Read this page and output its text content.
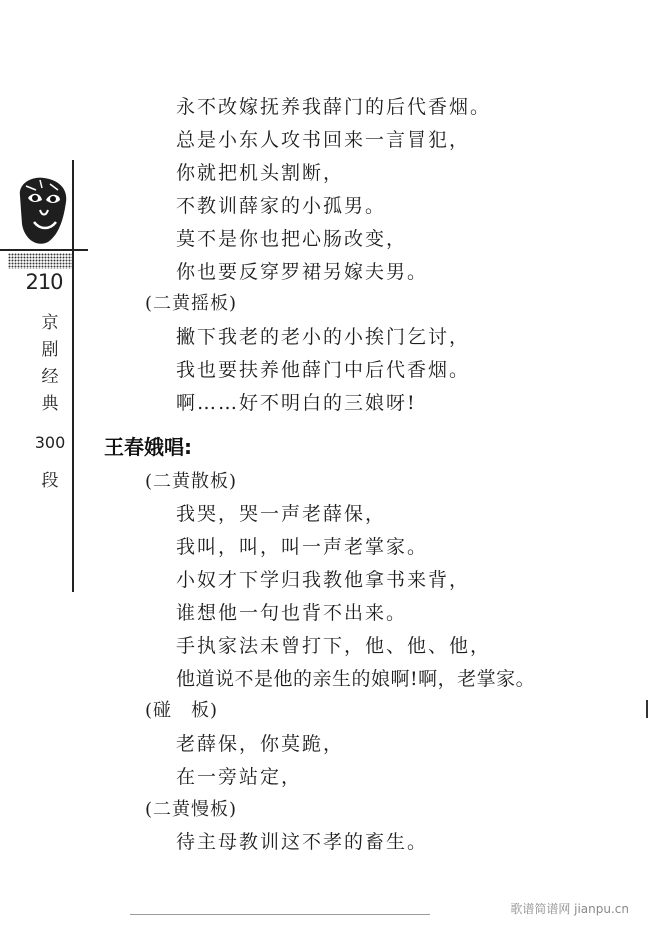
210
京
剧
经
典
300
段
永不改嫁抚养我薛门的后代香烟。
总是小东人攻书回来一言冒犯，
你就把机头割断，
不教训薛家的小孤男。
莫不是你也把心肠改变，
你也要反穿罗裙另嫁夫男。
(二黄摇板)
撇下我老的老小的小挨门乞讨，
我也要扶养他薛门中后代香烟。
啊……好不明白的三娘呀!
王春娥唱:
(二黄散板)
我哭，哭一声老薛保，
我叫，叫，叫一声老掌家。
小奴才下学归我教他拿书来背，
谁想他一句也背不出来。
手执家法未曾打下，他、他、他，
他道说不是他的亲生的娘啊!啊，老掌家。
(碰　板)
老薛保，你莫跪，
在一旁站定，
(二黄慢板)
待主母教训这不孝的畜生。
歌谱简谱网 jianpu.cn
